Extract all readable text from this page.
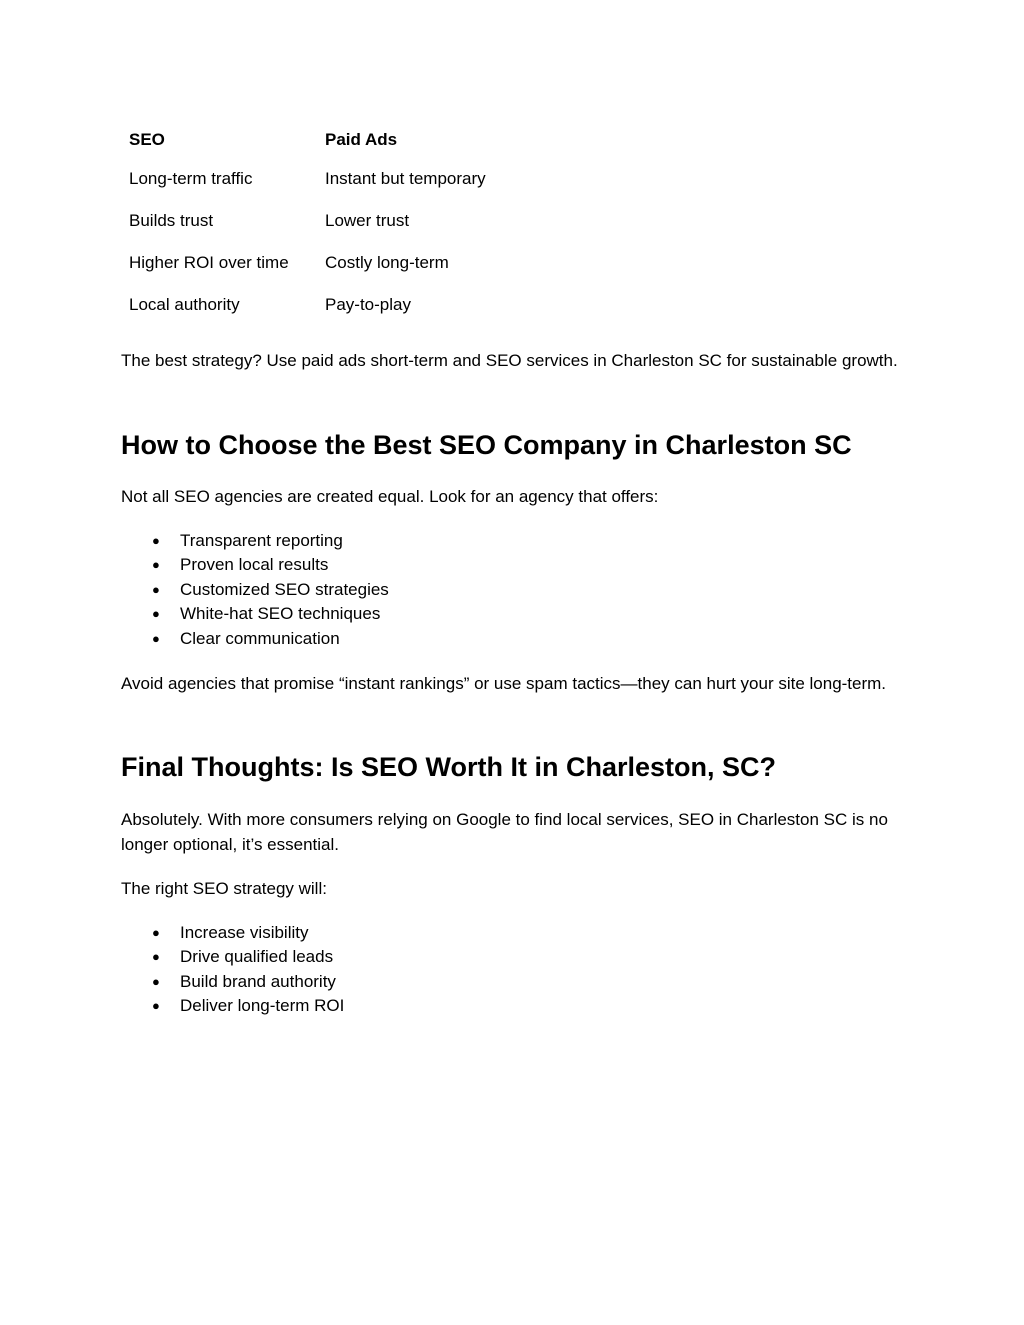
SEO	Paid Ads
Long-term traffic	Instant but temporary
Builds trust	Lower trust
Higher ROI over time	Costly long-term
Local authority	Pay-to-play

The best strategy? Use paid ads short-term and SEO services in Charleston SC for sustainable growth.

How to Choose the Best SEO Company in Charleston SC

Not all SEO agencies are created equal. Look for an agency that offers:

● Transparent reporting
● Proven local results
● Customized SEO strategies
● White-hat SEO techniques
● Clear communication

Avoid agencies that promise “instant rankings” or use spam tactics—they can hurt your site long-term.

Final Thoughts: Is SEO Worth It in Charleston, SC?

Absolutely. With more consumers relying on Google to find local services, SEO in Charleston SC is no longer optional, it’s essential.

The right SEO strategy will:

● Increase visibility
● Drive qualified leads
● Build brand authority
● Deliver long-term ROI
